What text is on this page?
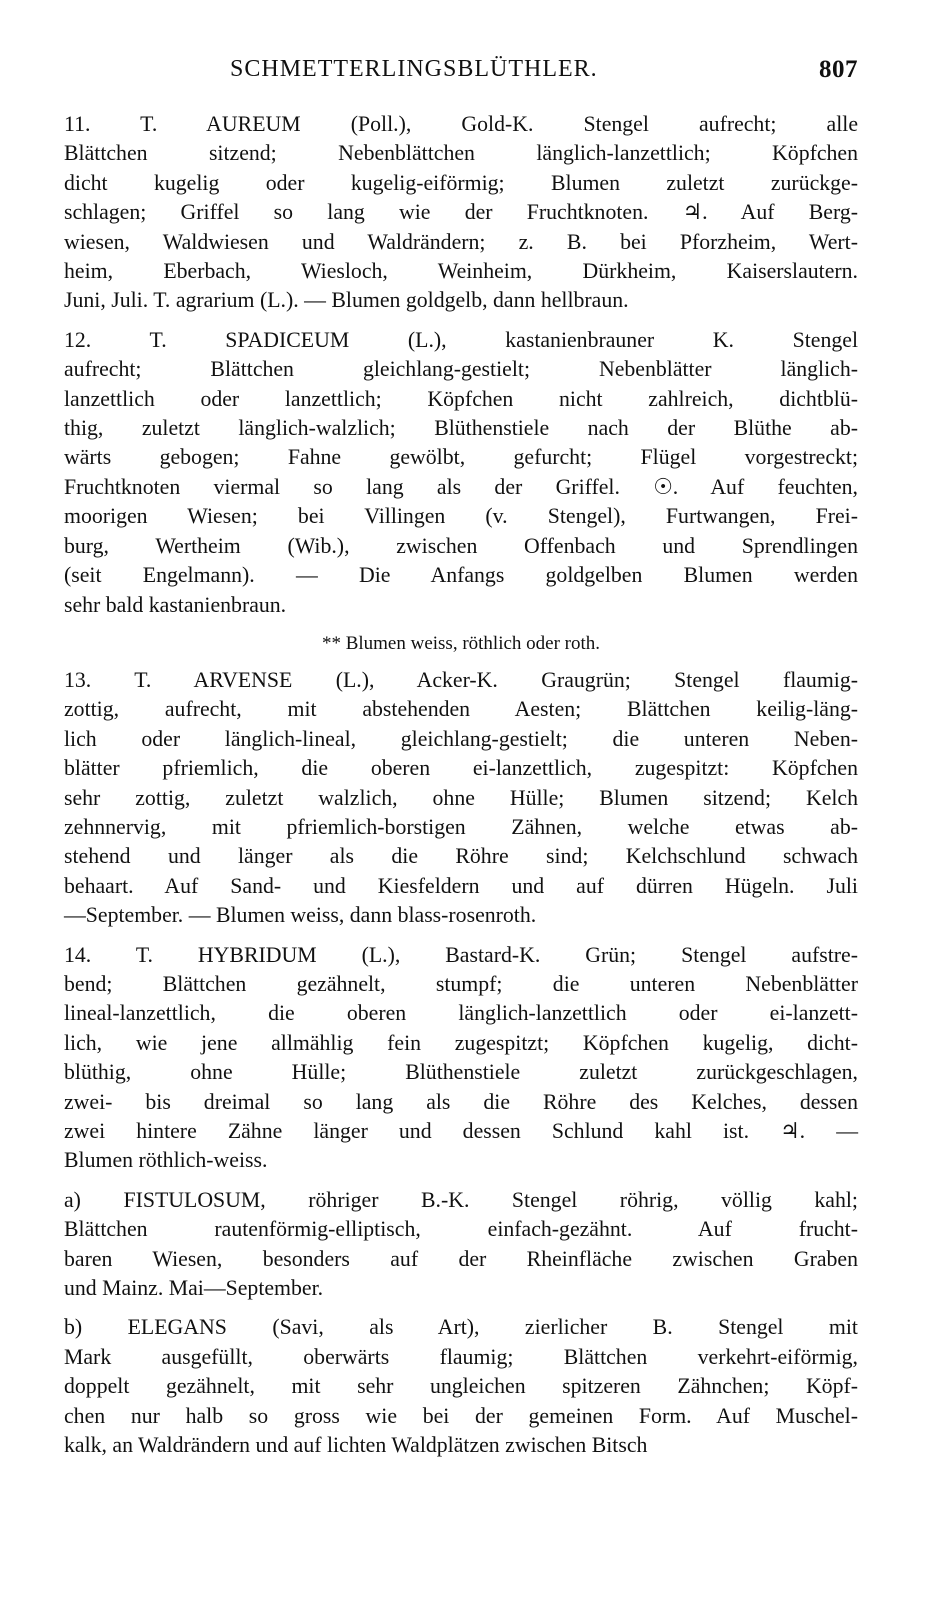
SCHMETTERLINGSBLÜTHLER.	807
11. T. AUREUM (Poll.), Gold-K. Stengel aufrecht; alle
Blättchen sitzend; Nebenblättchen länglich-lanzettlich; Köpfchen
dicht kugelig oder kugelig-eiförmig; Blumen zuletzt zurückge-
schlagen; Griffel so lang wie der Fruchtknoten. ♃. Auf Berg-
wiesen, Waldwiesen und Waldrändern; z. B. bei Pforzheim, Wert-
heim, Eberbach, Wiesloch, Weinheim, Dürkheim, Kaiserslautern.
Juni, Juli. T. agrarium (L.). — Blumen goldgelb, dann hellbraun.
12. T. SPADICEUM (L.), kastanienbrauner K. Stengel
aufrecht; Blättchen gleichlang-gestielt; Nebenblätter länglich-
lanzettlich oder lanzettlich; Köpfchen nicht zahlreich, dichtblü-
thig, zuletzt länglich-walzlich; Blüthenstiele nach der Blüthe ab-
wärts gebogen; Fahne gewölbt, gefurcht; Flügel vorgestreckt;
Fruchtknoten viermal so lang als der Griffel. ☉. Auf feuchten,
moorigen Wiesen; bei Villingen (v. Stengel), Furtwangen, Frei-
burg, Wertheim (Wib.), zwischen Offenbach und Sprendlingen
(seit Engelmann). — Die Anfangs goldgelben Blumen werden
sehr bald kastanienbraun.
** Blumen weiss, röthlich oder roth.
13. T. ARVENSE (L.), Acker-K. Graugrün; Stengel flaumig-
zottig, aufrecht, mit abstehenden Aesten; Blättchen keilig-läng-
lich oder länglich-lineal, gleichlang-gestielt; die unteren Neben-
blätter pfriemlich, die oberen ei-lanzettlich, zugespitzt: Köpfchen
sehr zottig, zuletzt walzlich, ohne Hülle; Blumen sitzend; Kelch
zehnnervig, mit pfriemlich-borstigen Zähnen, welche etwas ab-
stehend und länger als die Röhre sind; Kelchschlund schwach
behaart. Auf Sand- und Kiesfeldern und auf dürren Hügeln. Juli
—September. — Blumen weiss, dann blass-rosenroth.
14. T. HYBRIDUM (L.), Bastard-K. Grün; Stengel aufstre-
bend; Blättchen gezähnelt, stumpf; die unteren Nebenblätter
lineal-lanzettlich, die oberen länglich-lanzettlich oder ei-lanzett-
lich, wie jene allmählig fein zugespitzt; Köpfchen kugelig, dicht-
blüthig, ohne Hülle; Blüthenstiele zuletzt zurückgeschlagen,
zwei- bis dreimal so lang als die Röhre des Kelches, dessen
zwei hintere Zähne länger und dessen Schlund kahl ist. ♃. —
Blumen röthlich-weiss.
a) FISTULOSUM, röhriger B.-K. Stengel röhrig, völlig kahl;
Blättchen rautenförmig-elliptisch, einfach-gezähnt. Auf frucht-
baren Wiesen, besonders auf der Rheinfläche zwischen Graben
und Mainz. Mai—September.
b) ELEGANS (Savi, als Art), zierlicher B. Stengel mit
Mark ausgefüllt, oberwärts flaumig; Blättchen verkehrt-eiförmig,
doppelt gezähnelt, mit sehr ungleichen spitzeren Zähnchen; Köpf-
chen nur halb so gross wie bei der gemeinen Form. Auf Muschel-
kalk, an Waldrändern und auf lichten Waldplätzen zwischen Bitsch
